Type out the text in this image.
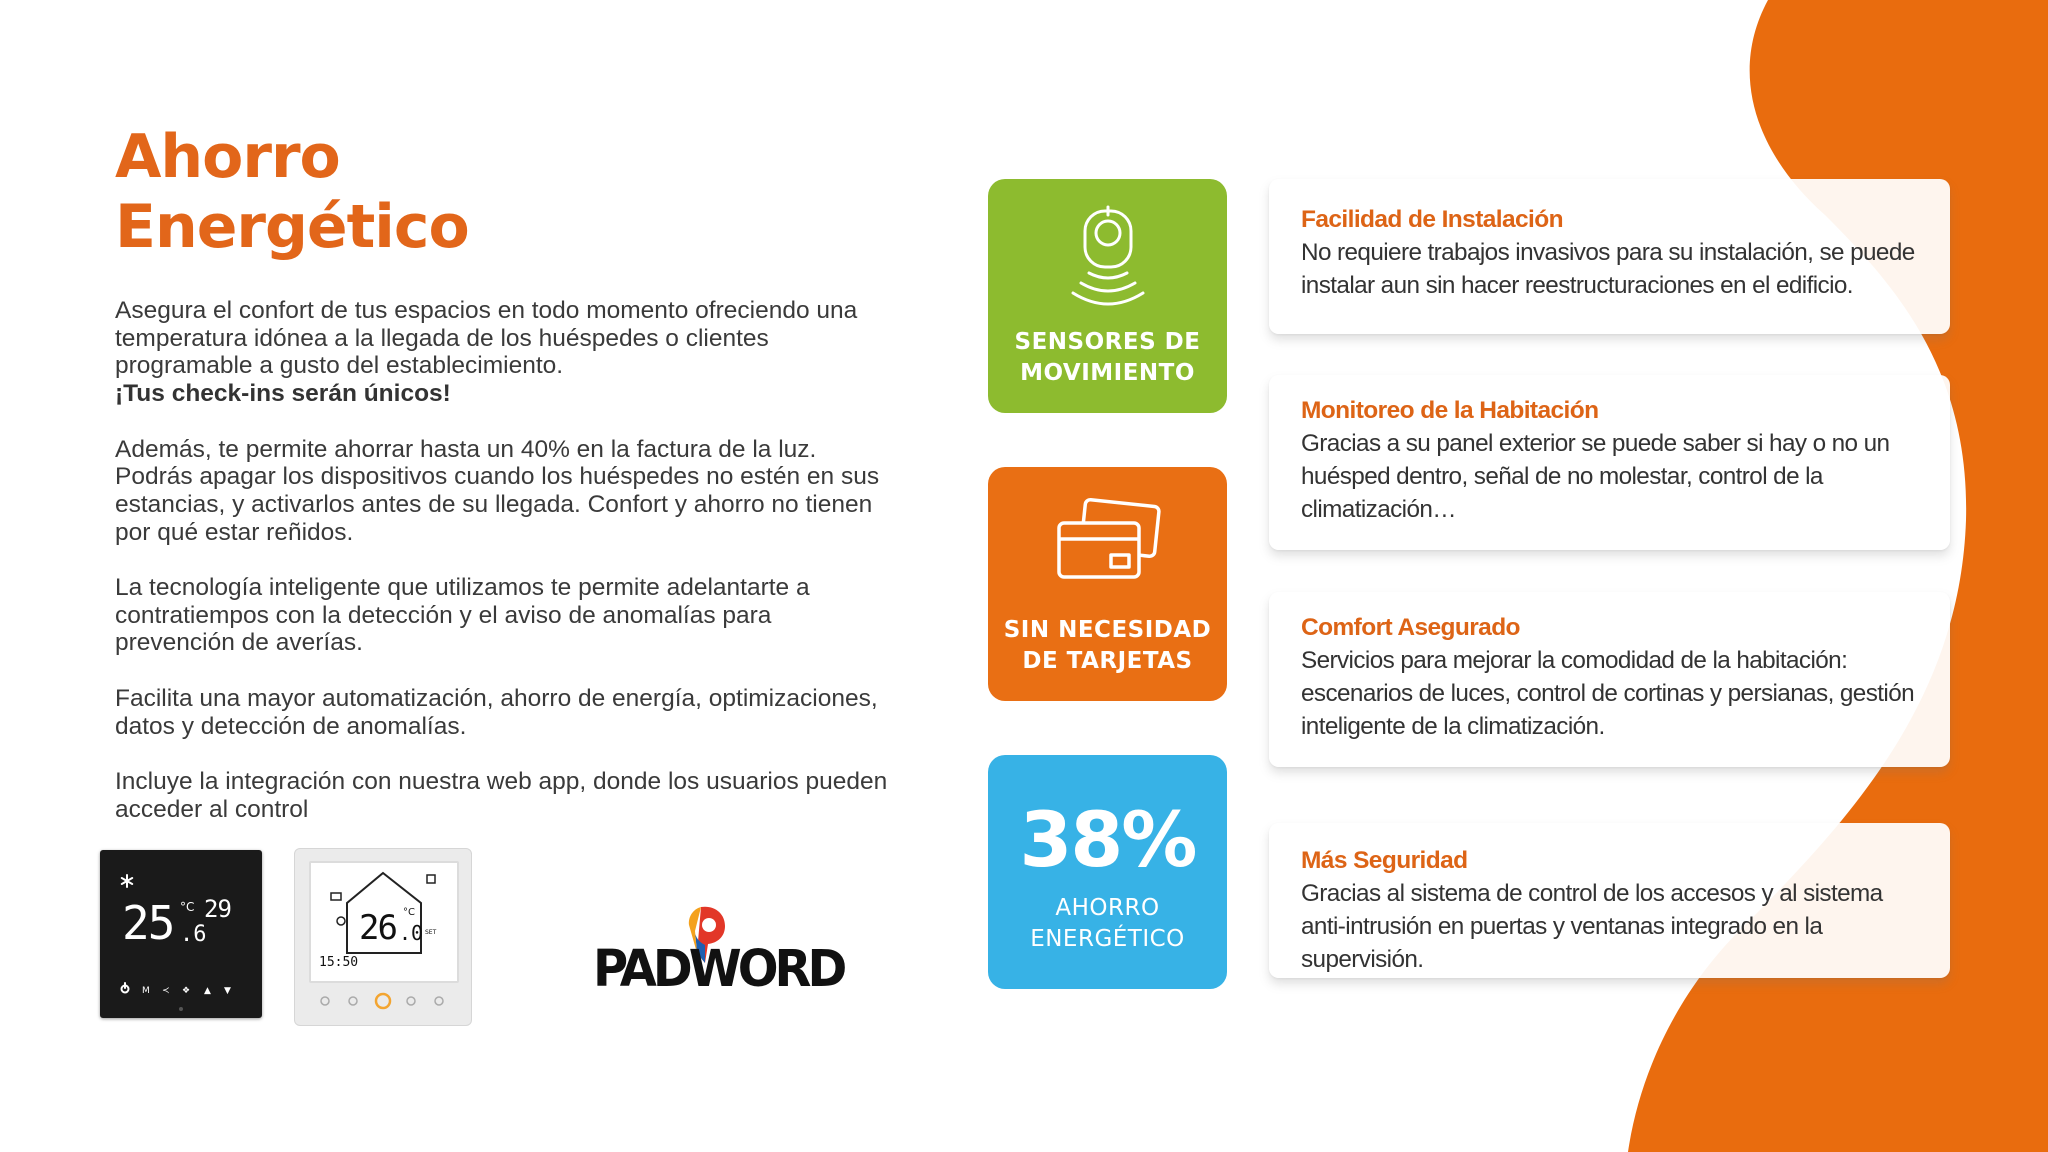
Ahorro
Energético

Asegura el confort de tus espacios en todo momento ofreciendo una temperatura idónea a la llegada de los huéspedes o clientes programable a gusto del establecimiento.
¡Tus check-ins serán únicos!

Además, te permite ahorrar hasta un 40% en la factura de la luz. Podrás apagar los dispositivos cuando los huéspedes no estén en sus estancias, y activarlos antes de su llegada. Confort y ahorro no tienen por qué estar reñidos.

La tecnología inteligente que utilizamos te permite adelantarte a contratiempos con la detección y el aviso de anomalías para prevención de averías.

Facilita una mayor automatización, ahorro de energía, optimizaciones, datos y detección de anomalías.

Incluye la integración con nuestra web app, donde los usuarios pueden acceder al control

M ≺ ❖ ▲ ▼
25 °C
.6
29	26 .0
°C
SET
15:50	PADWORD
SENSORES DE
MOVIMIENTO
SIN NECESIDAD
DE TARJETAS
38%
AHORRO
ENERGÉTICO
Facilidad de Instalación

No requiere trabajos invasivos para su instalación, se puede instalar aun sin hacer reestructuraciones en el edificio.

Monitoreo de la Habitación

Gracias a su panel exterior se puede saber si hay o no un huésped dentro, señal de no molestar, control de la climatización…

Comfort Asegurado

Servicios para mejorar la comodidad de la habitación: escenarios de luces, control de cortinas y persianas, gestión inteligente de la climatización.

Más Seguridad

Gracias al sistema de control de los accesos y al sistema anti-intrusión en puertas y ventanas integrado en la supervisión.
